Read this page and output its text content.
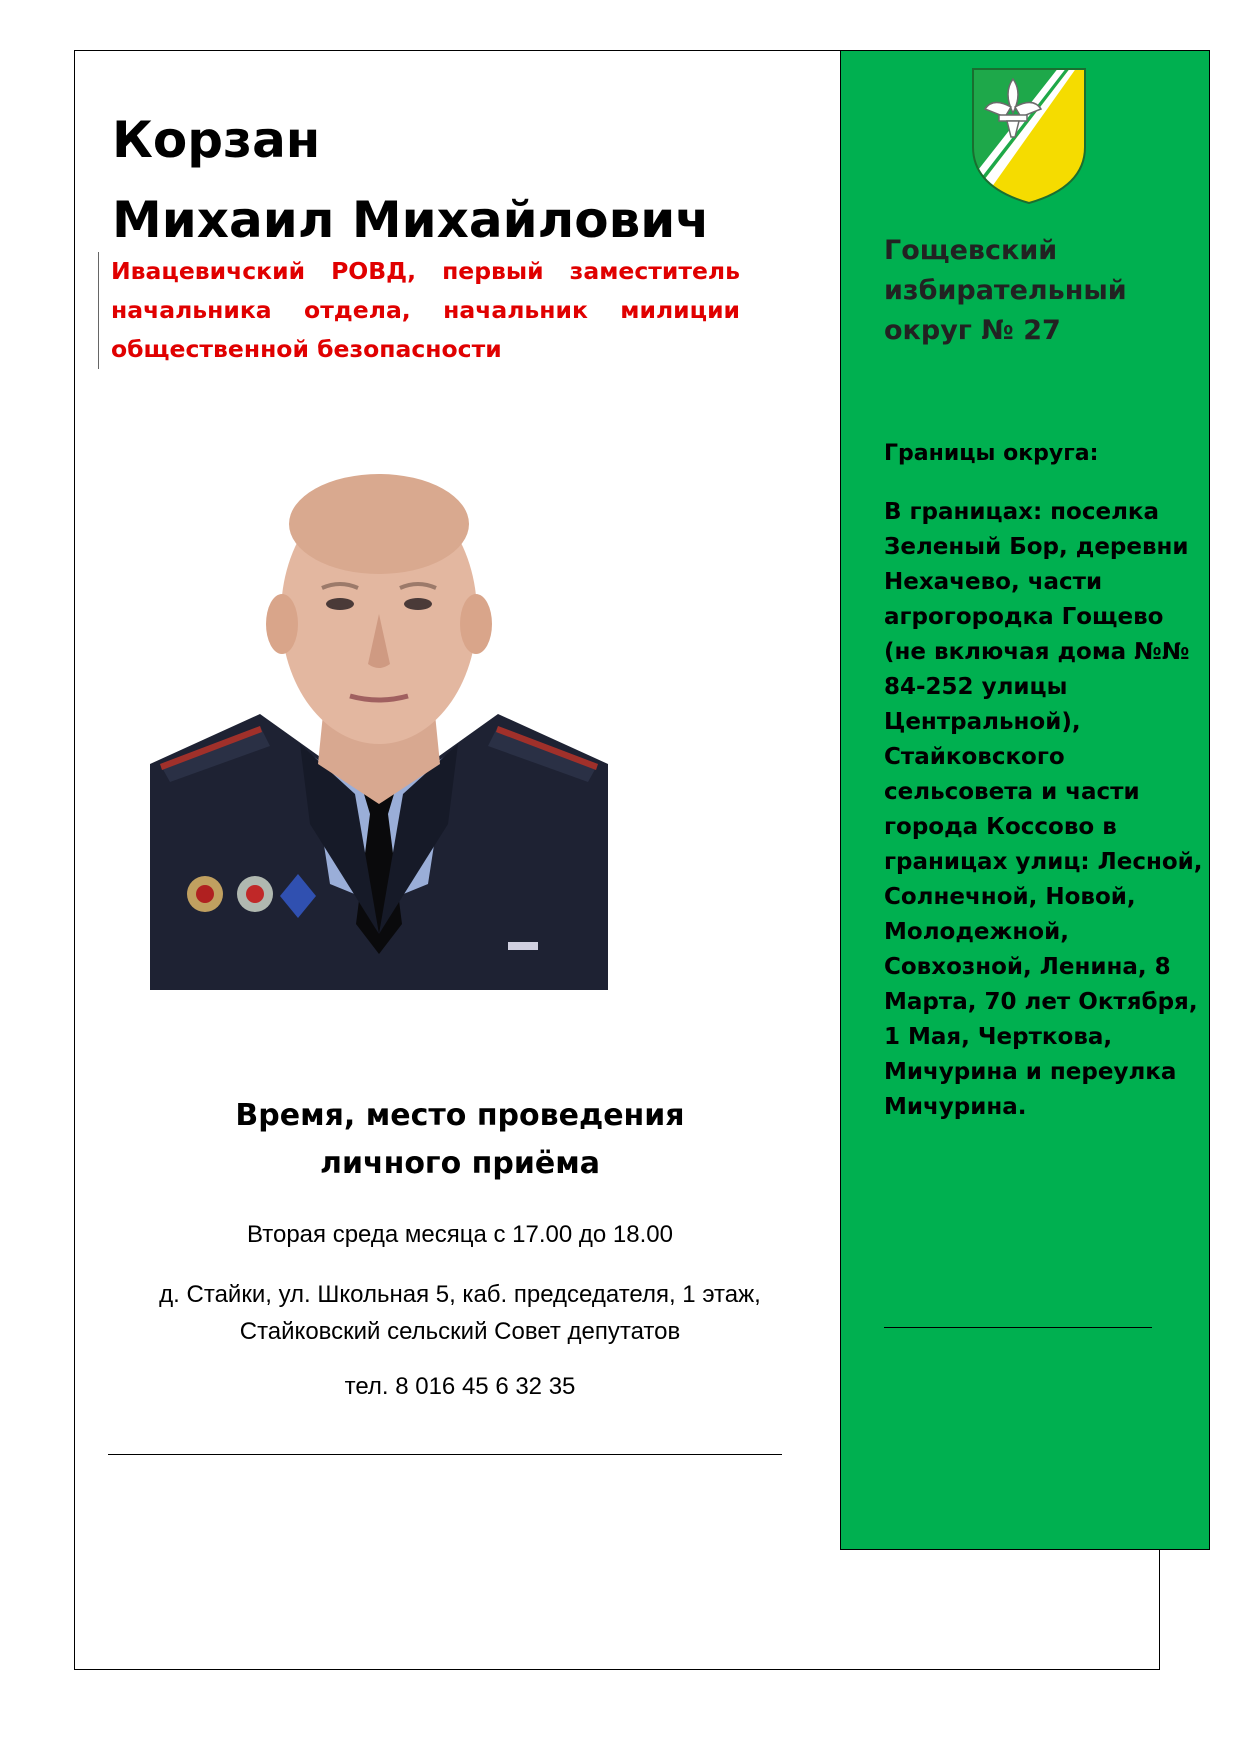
Корзан
Михаил Михайлович
Ивацевичский РОВД, первый заместитель начальника отдела, начальник милиции общественной безопасности
Время, место проведения
личного приёма

Вторая среда месяца с 17.00 до 18.00

д. Стайки, ул. Школьная 5, каб. председателя, 1 этаж,
Стайковский сельский Совет депутатов

тел. 8 016 45 6 32 35

Гощевский
избирательный
округ № 27

Границы округа:

В границах: поселка Зеленый Бор, деревни Нехачево, части агрогородка Гощево (не включая дома №№ 84-252 улицы Центральной), Стайковского сельсовета и части города Коссово в границах улиц: Лесной, Солнечной, Новой, Молодежной, Совхозной, Ленина, 8 Марта, 70 лет Октября, 1 Мая, Черткова, Мичурина и переулка Мичурина.
